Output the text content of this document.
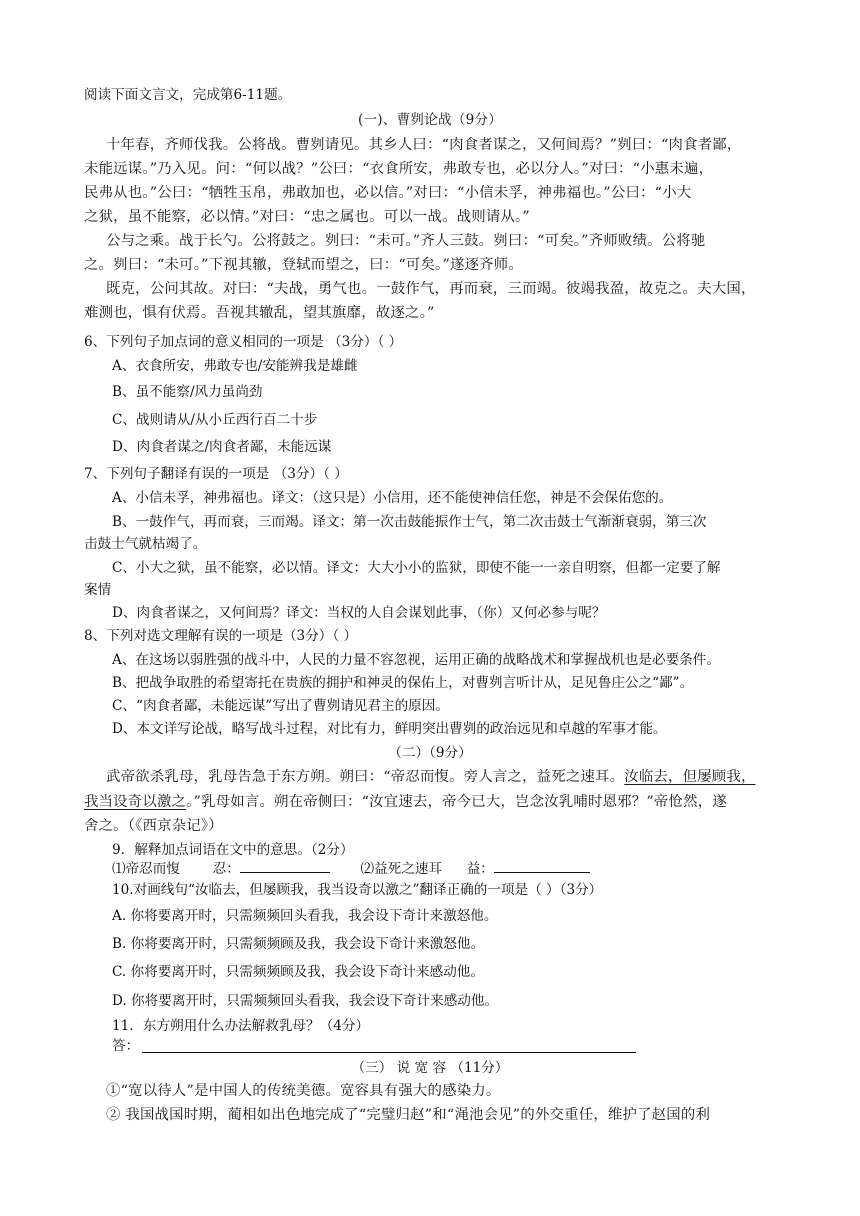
阅读下面文言文，完成第6-11题。
(一)、曹刿论战（9分）
十年春，齐师伐我。公将战。曹刿请见。其乡人曰：“肉食者谋之，又何间焉？”刿曰：“肉食者鄙，
未能远谋。”乃入见。问：“何以战？”公曰：“衣食所安，弗敢专也，必以分人。”对曰：“小惠未遍，
民弗从也。”公曰：“牺牲玉帛，弗敢加也，必以信。”对曰：“小信未孚，神弗福也。”公曰：“小大
之狱，虽不能察，必以情。”对曰：“忠之属也。可以一战。战则请从。”
公与之乘。战于长勺。公将鼓之。刿曰：“未可。”齐人三鼓。刿曰：“可矣。”齐师败绩。公将驰
之。刿曰：“未可。”下视其辙，登轼而望之，曰：“可矣。”遂逐齐师。
既克，公问其故。对曰：“夫战，勇气也。一鼓作气，再而衰，三而竭。彼竭我盈，故克之。夫大国，
难测也，惧有伏焉。吾视其辙乱，望其旗靡，故逐之。”
6、下列句子加点词的意义相同的一项是 （3分）（ ）
A、衣食所安，弗敢专也/安能辨我是雄雌
B、虽不能察/风力虽尚劲
C、战则请从/从小丘西行百二十步
D、肉食者谋之/肉食者鄙，未能远谋
7、下列句子翻译有误的一项是 （3分）（ ）
A、小信未孚，神弗福也。译文：（这只是）小信用，还不能使神信任您，神是不会保佑您的。
B、一鼓作气，再而衰，三而竭。译文：第一次击鼓能振作士气，第二次击鼓士气渐渐衰弱，第三次
击鼓士气就枯竭了。
C、小大之狱，虽不能察，必以情。译文：大大小小的监狱，即使不能一一亲自明察，但都一定要了解
案情
D、肉食者谋之，又何间焉？译文：当权的人自会谋划此事，（你）又何必参与呢？
8、下列对选文理解有误的一项是（3分）（ ）
A、在这场以弱胜强的战斗中，人民的力量不容忽视，运用正确的战略战术和掌握战机也是必要条件。
B、把战争取胜的希望寄托在贵族的拥护和神灵的保佑上，对曹刿言听计从，足见鲁庄公之“鄙”。
C、“肉食者鄙，未能远谋”写出了曹刿请见君主的原因。
D、本文详写论战，略写战斗过程，对比有力，鲜明突出曹刿的政治远见和卓越的军事才能。
（二）（9分）
武帝欲杀乳母，乳母告急于东方朔。朔曰：“帝忍而愎。旁人言之，益死之速耳。汝临去，但屡顾我，
我当设奇以激之。”乳母如言。朔在帝侧曰：“汝宜速去，帝今已大，岂念汝乳哺时恩邪？”帝怆然，遂
舍之。（《西京杂记》）
9．解释加点词语在文中的意思。（2分）
⑴帝忍而愎 忍：	⑵益死之速耳 益：
10.对画线句“汝临去，但屡顾我，我当设奇以激之”翻译正确的一项是（ ）（3分）
A. 你将要离开时，只需频频回头看我，我会设下奇计来激怒他。
B. 你将要离开时，只需频频顾及我，我会设下奇计来激怒他。
C. 你将要离开时，只需频频顾及我，我会设下奇计来感动他。
D. 你将要离开时，只需频频回头看我，我会设下奇计来感动他。
11．东方朔用什么办法解救乳母？（4分）
答：
（三） 说 宽 容 （11分）
①“宽以待人”是中国人的传统美德。宽容具有强大的感染力。
② 我国战国时期，蔺相如出色地完成了“完璧归赵”和“渑池会见”的外交重任，维护了赵国的利
